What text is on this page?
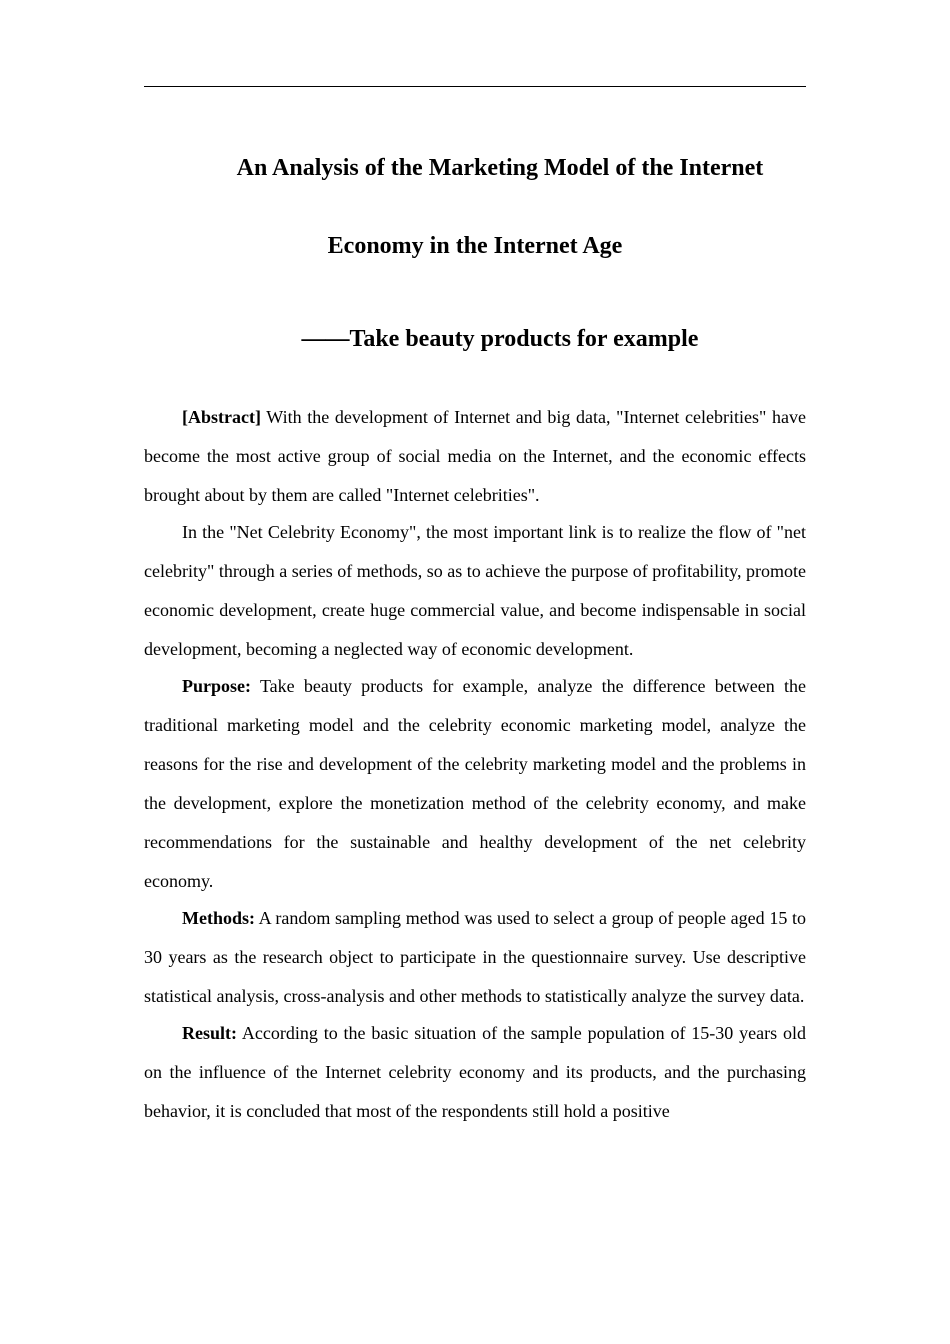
An Analysis of the Marketing Model of the Internet
Economy in the Internet Age
——Take beauty products for example

[Abstract] With the development of Internet and big data, "Internet celebrities" have become the most active group of social media on the Internet, and the economic effects brought about by them are called "Internet celebrities".

In the "Net Celebrity Economy", the most important link is to realize the flow of "net celebrity" through a series of methods, so as to achieve the purpose of profitability, promote economic development, create huge commercial value, and become indispensable in social development, becoming a neglected way of economic development.

Purpose: Take beauty products for example, analyze the difference between the traditional marketing model and the celebrity economic marketing model, analyze the reasons for the rise and development of the celebrity marketing model and the problems in the development, explore the monetization method of the celebrity economy, and make recommendations for the sustainable and healthy development of the net celebrity economy.

Methods: A random sampling method was used to select a group of people aged 15 to 30 years as the research object to participate in the questionnaire survey. Use descriptive statistical analysis, cross-analysis and other methods to statistically analyze the survey data.

Result: According to the basic situation of the sample population of 15-30 years old on the influence of the Internet celebrity economy and its products, and the purchasing behavior, it is concluded that most of the respondents still hold a positive
